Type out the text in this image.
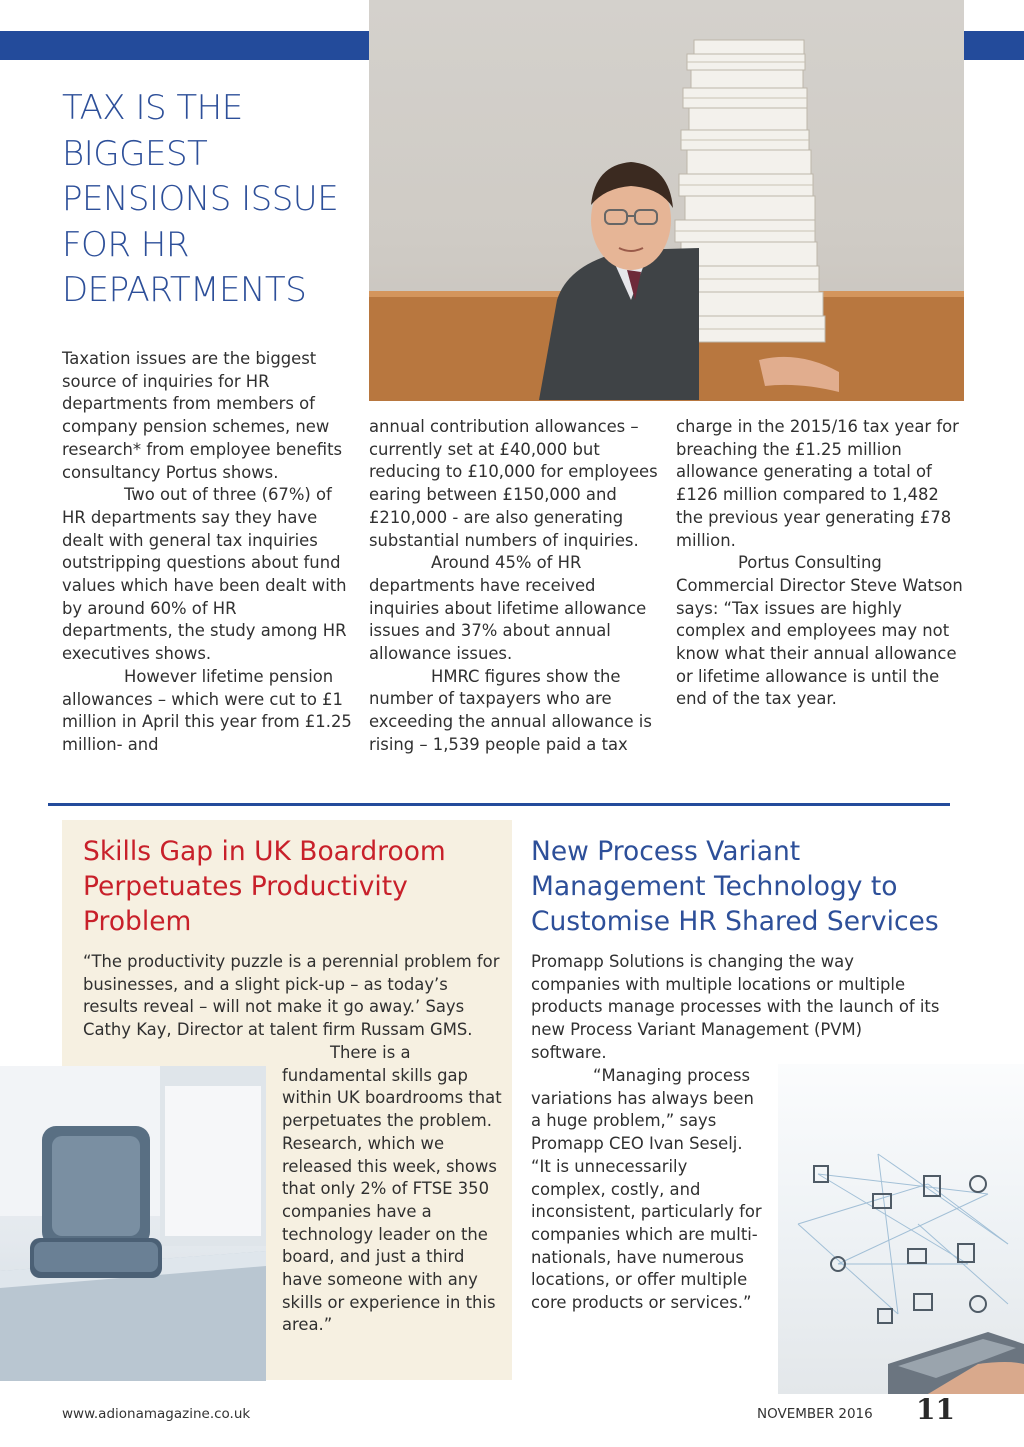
TAX IS THE BIGGEST PENSIONS ISSUE FOR HR DEPARTMENTS

Taxation issues are the biggest source of inquiries for HR departments from members of company pension schemes, new research* from employee benefits consultancy Portus shows.

Two out of three (67%) of HR departments say they have dealt with general tax inquiries outstripping questions about fund values which have been dealt with by around 60% of HR departments, the study among HR executives shows.

However lifetime pension allowances – which were cut to £1 million in April this year from £1.25 million- and

annual contribution allowances – currently set at £40,000 but reducing to £10,000 for employees earing between £150,000 and £210,000 - are also generating substantial numbers of inquiries.

Around 45% of HR departments have received inquiries about lifetime allowance issues and 37% about annual allowance issues.

HMRC figures show the number of taxpayers who are exceeding the annual allowance is rising – 1,539 people paid a tax

charge in the 2015/16 tax year for breaching the £1.25 million allowance generating a total of £126 million compared to 1,482 the previous year generating £78 million.

Portus Consulting Commercial Director Steve Watson says: “Tax issues are highly complex and employees may not know what their annual allowance or lifetime allowance is until the end of the tax year.

Skills Gap in UK Boardroom Perpetuates Productivity Problem
“The productivity puzzle is a perennial problem for businesses, and a slight pick-up – as today’s results reveal – will not make it go away.’ Says Cathy Kay, Director at talent firm Russam GMS.
There is a fundamental skills gap within UK boardrooms that perpetuates the problem. Research, which we released this week, shows that only 2% of FTSE 350 companies have a technology leader on the board, and just a third have someone with any skills or experience in this area.”
New Process Variant Management Technology to Customise HR Shared Services
Promapp Solutions is changing the way companies with multiple locations or multiple products manage processes with the launch of its new Process Variant Management (PVM) software.
“Managing process variations has always been a huge problem,” says Promapp CEO Ivan Seselj. “It is unnecessarily complex, costly, and inconsistent, particularly for companies which are multi-nationals, have numerous locations, or offer multiple core products or services.”
www.adionamagazine.co.uk	NOVEMBER 2016 11
